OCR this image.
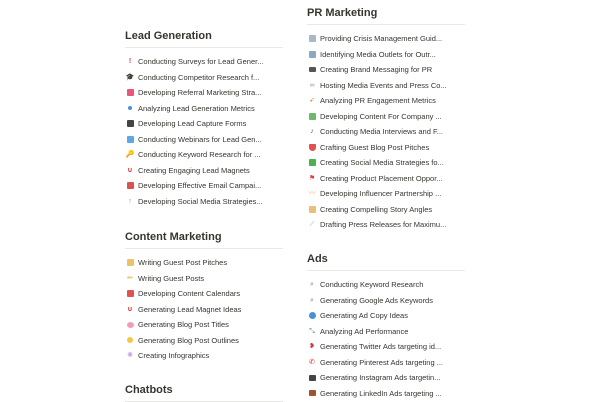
Lead Generation
! Conducting Surveys for Lead Gener...
🎓 Conducting Competitor Research f...
Developing Referral Marketing Stra...
Analyzing Lead Generation Metrics
Developing Lead Capture Forms
Conducting Webinars for Lead Gen...
🔑 Conducting Keyword Research for ...
∪ Creating Engaging Lead Magnets
Developing Effective Email Campai...
↑ Developing Social Media Strategies...
Content Marketing
Writing Guest Post Pitches
✏ Writing Guest Posts
Developing Content Calendars
∪ Generating Lead Magnet Ideas
Generating Blog Post Titles
Generating Blog Post Outlines
✺ Creating Infographics
Chatbots
PR Marketing
Providing Crisis Management Guid...
Identifying Media Outlets for Outr...
Creating Brand Messaging for PR
∞ Hosting Media Events and Press Co...
➶ Analyzing PR Engagement Metrics
Developing Content For Company ...
♪ Conducting Media Interviews and F...
Crafting Guest Blog Post Pitches
Creating Social Media Strategies fo...
⚑ Creating Product Placement Oppor...
〰 Developing Influencer Partnership ...
Creating Compelling Story Angles
⟋ Drafting Press Releases for Maximu...
Ads
⌕ Conducting Keyword Research
⌕ Generating Google Ads Keywords
Generating Ad Copy Ideas
⤡ Analyzing Ad Performance
❥ Generating Twitter Ads targeting id...
✆ Generating Pinterest Ads targeting ...
Generating Instagram Ads targetin...
Generating LinkedIn Ads targeting ...
